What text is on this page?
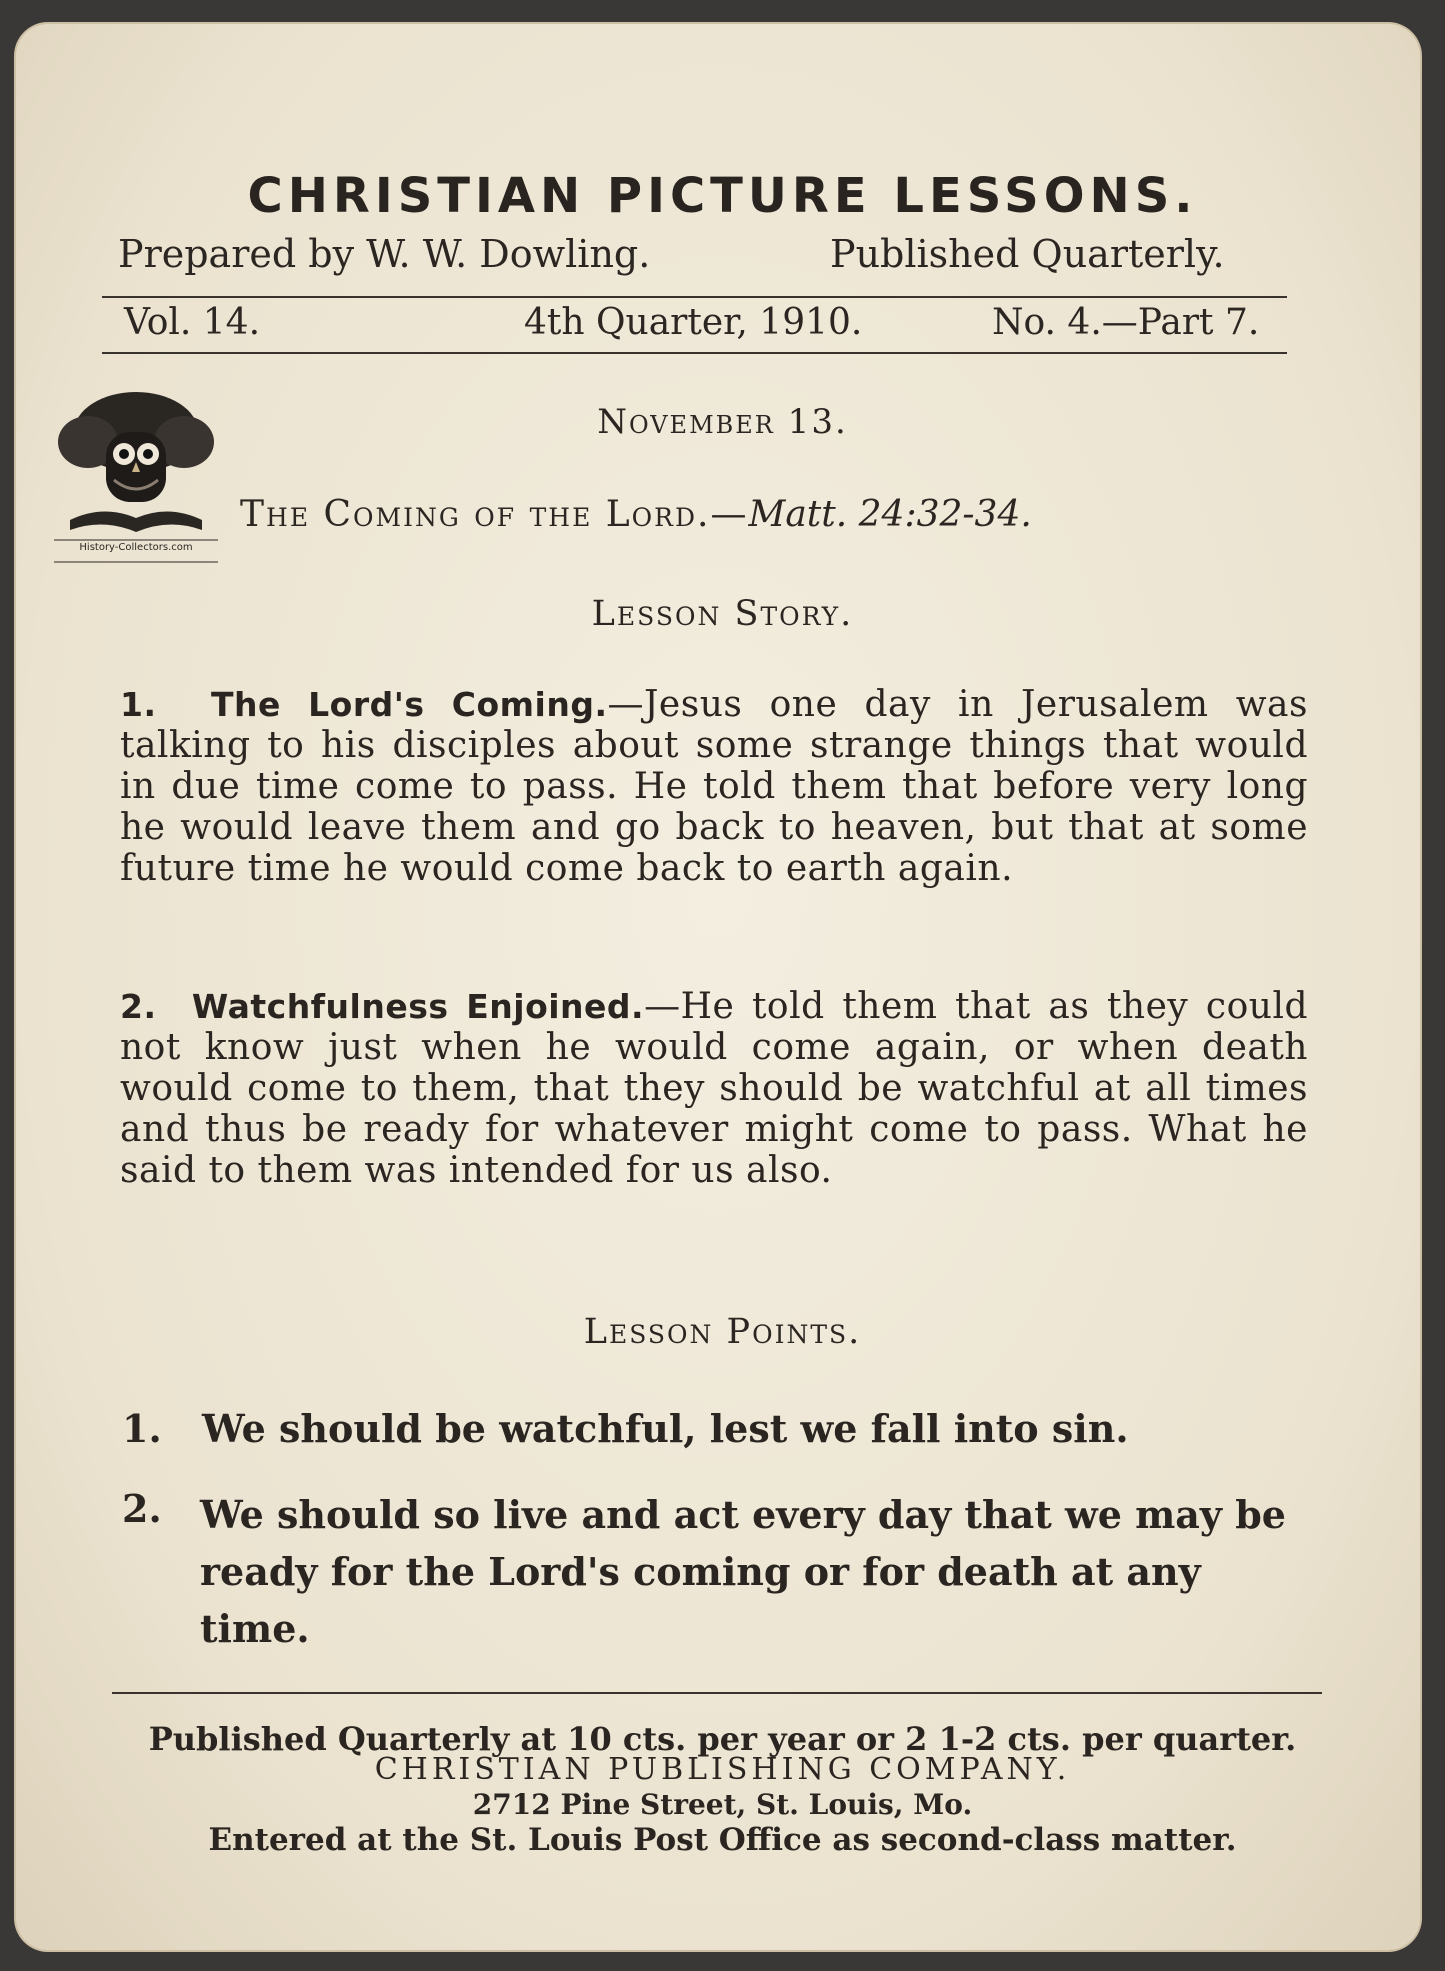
CHRISTIAN PICTURE LESSONS.
Prepared by W. W. Dowling.	Published Quarterly.
Vol. 14.	4th Quarter, 1910.	No. 4.—Part 7.
History-Collectors.com
November 13.
The Coming of the Lord.—Matt. 24:32-34.
Lesson Story.
1. The Lord's Coming.—Jesus one day in Jerusalem was talking to his disciples about some strange things that would in due time come to pass. He told them that before very long he would leave them and go back to heaven, but that at some future time he would come back to earth again.
2. Watchfulness Enjoined.—He told them that as they could not know just when he would come again, or when death would come to them, that they should be watchful at all times and thus be ready for whatever might come to pass. What he said to them was intended for us also.
Lesson Points.
1. We should be watchful, lest we fall into sin.
2. We should so live and act every day that we may be ready for the Lord's coming or for death at any time.
Published Quarterly at 10 cts. per year or 2 1-2 cts. per quarter.
CHRISTIAN PUBLISHING COMPANY.
2712 Pine Street, St. Louis, Mo.
Entered at the St. Louis Post Office as second-class matter.
